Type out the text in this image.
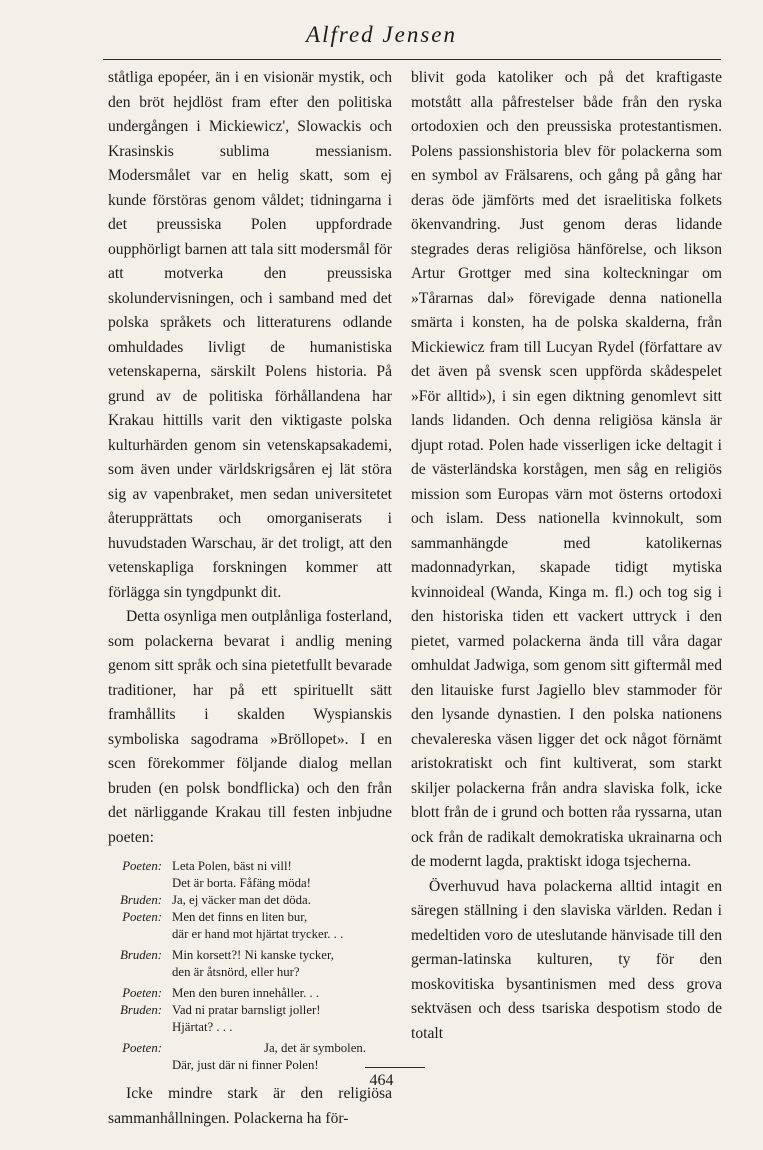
Alfred Jensen

ståtliga epopéer, än i en visionär mystik, och den bröt hejdlöst fram efter den politiska undergången i Mickiewicz', Slowackis och Krasinskis sublima messianism. Modersmålet var en helig skatt, som ej kunde förstöras genom våldet; tidningarna i det preussiska Polen uppfordrade oupphörligt barnen att tala sitt modersmål för att motverka den preussiska skolundervisningen, och i samband med det polska språkets och litteraturens odlande omhuldades livligt de humanistiska vetenskaperna, särskilt Polens historia. På grund av de politiska förhållandena har Krakau hittills varit den viktigaste polska kulturhärden genom sin vetenskapsakademi, som även under världskrigsåren ej lät störa sig av vapenbraket, men sedan universitetet återupprättats och omorganiserats i huvudstaden Warschau, är det troligt, att den vetenskapliga forskningen kommer att förlägga sin tyngdpunkt dit.

Detta osynliga men outplånliga fosterland, som polackerna bevarat i andlig mening genom sitt språk och sina pietetfullt bevarade traditioner, har på ett spirituellt sätt framhållits i skalden Wyspianskis symboliska sagodrama »Bröllopet». I en scen förekommer följande dialog mellan bruden (en polsk bondflicka) och den från det närliggande Krakau till festen inbjudne poeten:

Poeten: Leta Polen, bäst ni vill!
Det är borta. Fåfäng möda!
Bruden: Ja, ej väcker man det döda.
Poeten: Men det finns en liten bur,
där er hand mot hjärtat trycker. . .
Bruden: Min korsett?! Ni kanske tycker,
den är åtsnörd, eller hur?
Poeten: Men den buren innehåller. . .
Bruden: Vad ni pratar barnsligt joller!
Hjärtat? . . .
Poeten:	Ja, det är symbolen.
Där, just där ni finner Polen!

Icke mindre stark är den religiösa sammanhållningen. Polackerna ha för-

blivit goda katoliker och på det kraftigaste motstått alla påfrestelser både från den ryska ortodoxien och den preussiska protestantismen. Polens passionshistoria blev för polackerna som en symbol av Frälsarens, och gång på gång har deras öde jämförts med det israelitiska folkets ökenvandring. Just genom deras lidande stegrades deras religiösa hänförelse, och likson Artur Grottger med sina kolteckningar om »Tårarnas dal» förevigade denna nationella smärta i konsten, ha de polska skalderna, från Mickiewicz fram till Lucyan Rydel (författare av det även på svensk scen uppförda skådespelet »För alltid»), i sin egen diktning genomlevt sitt lands lidanden. Och denna religiösa känsla är djupt rotad. Polen hade visserligen icke deltagit i de västerländska korstågen, men såg en religiös mission som Europas värn mot österns ortodoxi och islam. Dess nationella kvinnokult, som sammanhängde med katolikernas madonnadyrkan, skapade tidigt mytiska kvinnoideal (Wanda, Kinga m. fl.) och tog sig i den historiska tiden ett vackert uttryck i den pietet, varmed polackerna ända till våra dagar omhuldat Jadwiga, som genom sitt giftermål med den litauiske furst Jagiello blev stammoder för den lysande dynastien. I den polska nationens chevalereska väsen ligger det ock något förnämt aristokratiskt och fint kultiverat, som starkt skiljer polackerna från andra slaviska folk, icke blott från de i grund och botten råa ryssarna, utan ock från de radikalt demokratiska ukrainarna och de modernt lagda, praktiskt idoga tsjecherna.

Överhuvud hava polackerna alltid intagit en säregen ställning i den slaviska världen. Redan i medeltiden voro de uteslutande hänvisade till den german-latinska kulturen, ty för den moskovitiska bysantinismen med dess grova sektväsen och dess tsariska despotism stodo de totalt

464
